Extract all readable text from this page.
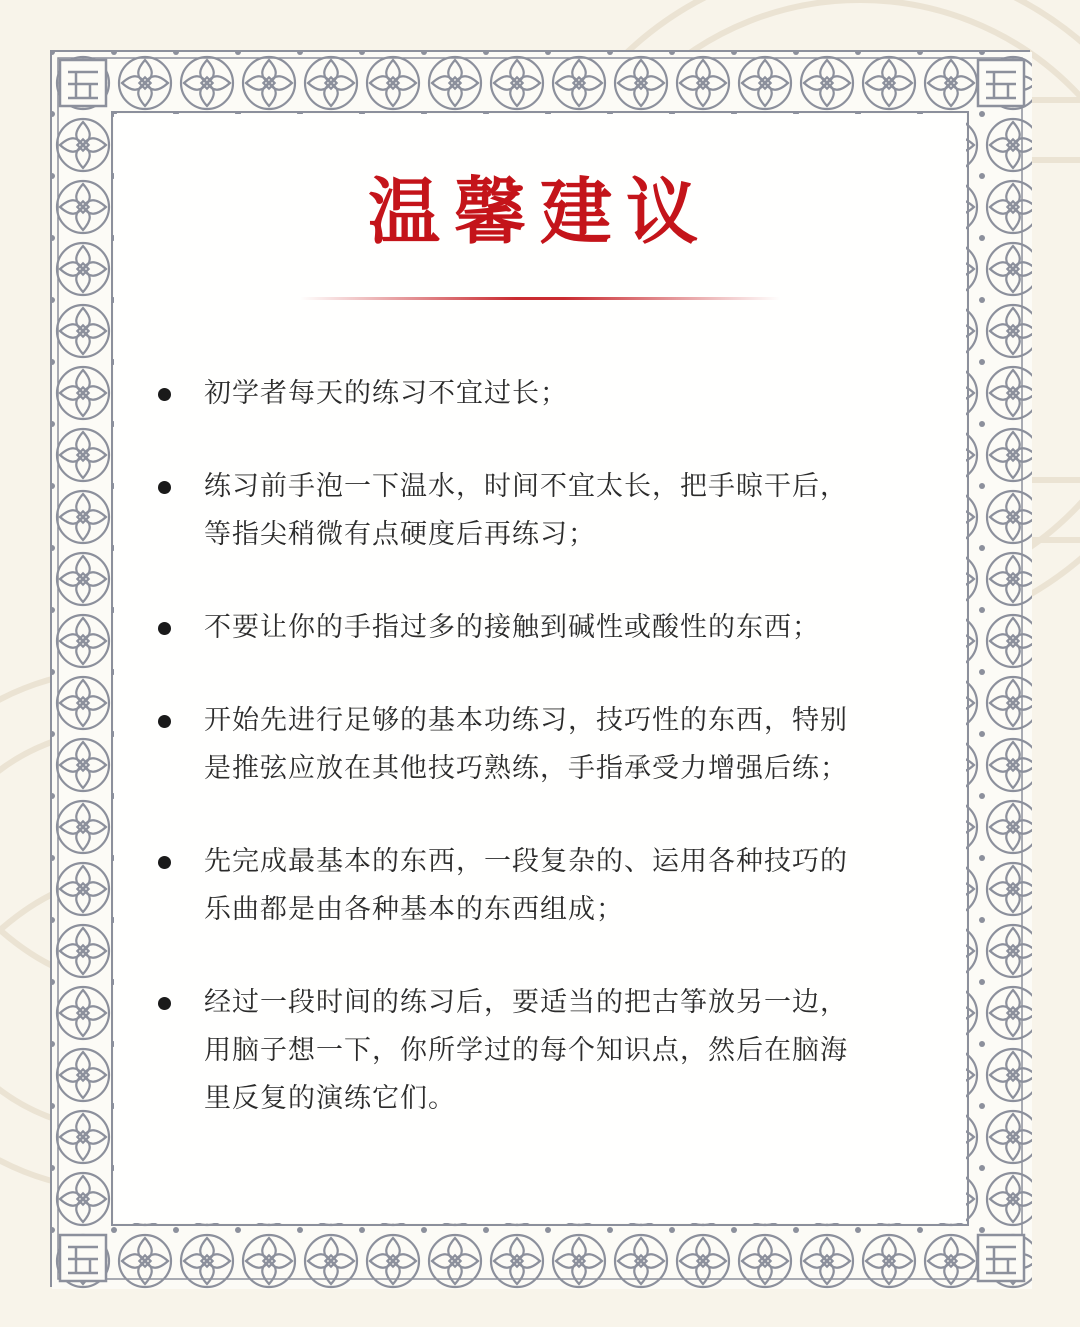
温馨建议
初学者每天的练习不宜过长；
练习前手泡一下温水，时间不宜太长，把手晾干后，
等指尖稍微有点硬度后再练习；
不要让你的手指过多的接触到碱性或酸性的东西；
开始先进行足够的基本功练习，技巧性的东西，特别
是推弦应放在其他技巧熟练，手指承受力增强后练；
先完成最基本的东西，一段复杂的、运用各种技巧的
乐曲都是由各种基本的东西组成；
经过一段时间的练习后，要适当的把古筝放另一边，
用脑子想一下，你所学过的每个知识点，然后在脑海
里反复的演练它们。
